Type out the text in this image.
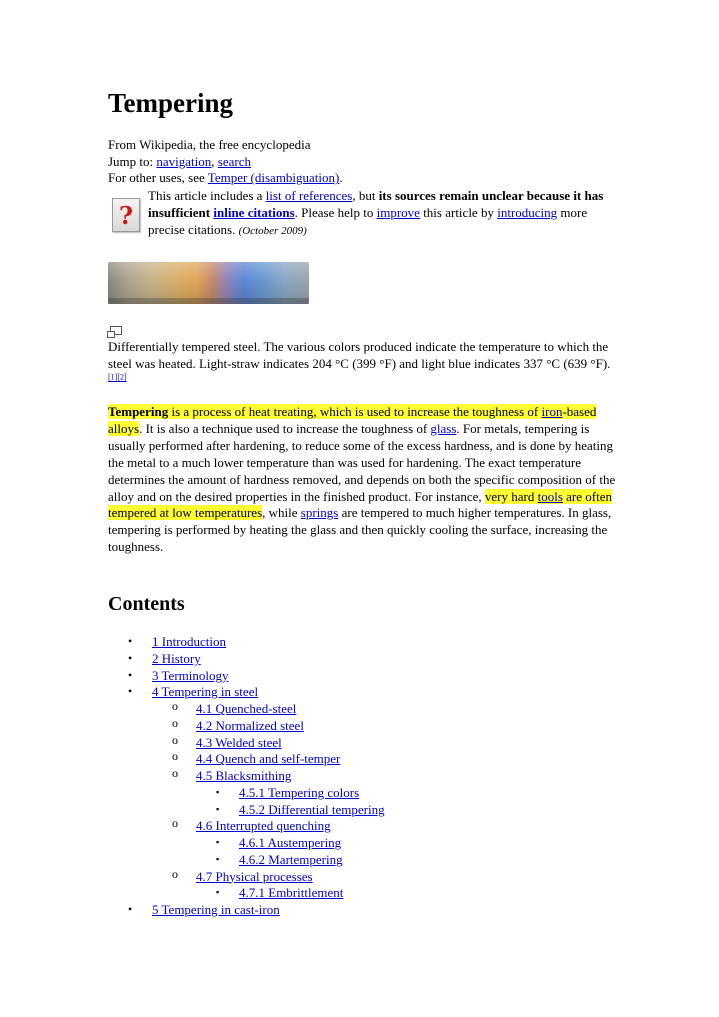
Tempering
From Wikipedia, the free encyclopedia
Jump to: navigation, search
For other uses, see Temper (disambiguation).
?
This article includes a list of references, but its sources remain unclear because it has insufficient inline citations. Please help to improve this article by introducing more precise citations. (October 2009)
Differentially tempered steel. The various colors produced indicate the temperature to which the steel was heated. Light-straw indicates 204 °C (399 °F) and light blue indicates 337 °C (639 °F).[1][2]
Tempering is a process of heat treating, which is used to increase the toughness of iron-based alloys. It is also a technique used to increase the toughness of glass. For metals, tempering is usually performed after hardening, to reduce some of the excess hardness, and is done by heating the metal to a much lower temperature than was used for hardening. The exact temperature determines the amount of hardness removed, and depends on both the specific composition of the alloy and on the desired properties in the finished product. For instance, very hard tools are often tempered at low temperatures, while springs are tempered to much higher temperatures. In glass, tempering is performed by heating the glass and then quickly cooling the surface, increasing the toughness.
Contents
• 1 Introduction
• 2 History
• 3 Terminology
• 4 Tempering in steel
o 4.1 Quenched-steel
o 4.2 Normalized steel
o 4.3 Welded steel
o 4.4 Quench and self-temper
o 4.5 Blacksmithing
▪ 4.5.1 Tempering colors
▪ 4.5.2 Differential tempering
o 4.6 Interrupted quenching
▪ 4.6.1 Austempering
▪ 4.6.2 Martempering
o 4.7 Physical processes
▪ 4.7.1 Embrittlement
• 5 Tempering in cast-iron
